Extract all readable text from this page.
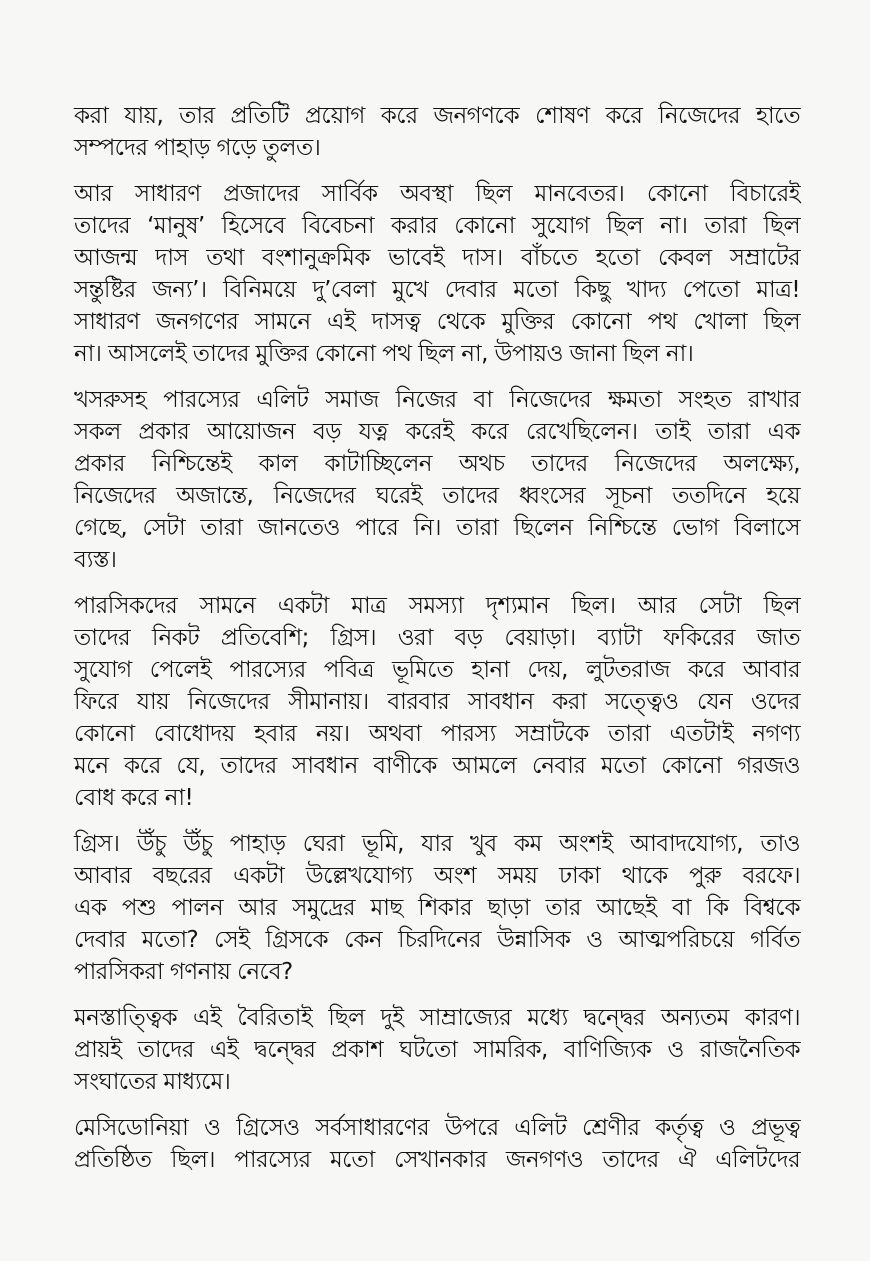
করা যায়, তার প্রতিটি প্রয়োগ করে জনগণকে শোষণ করে নিজেদের হাতে
সম্পদের পাহাড় গড়ে তুলত।
আর সাধারণ প্রজাদের সার্বিক অবস্থা ছিল মানবেতর। কোনো বিচারেই
তাদের ‘মানুষ’ হিসেবে বিবেচনা করার কোনো সুযোগ ছিল না। তারা ছিল
আজন্ম দাস তথা বংশানুক্রমিক ভাবেই দাস। বাঁচতে হতো কেবল সম্রাটের
সন্তুষ্টির জন্য’। বিনিময়ে দু’বেলা মুখে দেবার মতো কিছু খাদ্য পেতো মাত্র!
সাধারণ জনগণের সামনে এই দাসত্ব থেকে মুক্তির কোনো পথ খোলা ছিল
না। আসলেই তাদের মুক্তির কোনো পথ ছিল না, উপায়ও জানা ছিল না।
খসরুসহ পারস্যের এলিট সমাজ নিজের বা নিজেদের ক্ষমতা সংহত রাখার
সকল প্রকার আয়োজন বড় যত্ন করেই করে রেখেছিলেন। তাই তারা এক
প্রকার নিশ্চিন্তেই কাল কাটাচ্ছিলেন অথচ তাদের নিজেদের অলক্ষ্যে,
নিজেদের অজান্তে, নিজেদের ঘরেই তাদের ধ্বংসের সূচনা ততদিনে হয়ে
গেছে, সেটা তারা জানতেও পারে নি। তারা ছিলেন নিশ্চিন্তে ভোগ বিলাসে
ব্যস্ত।
পারসিকদের সামনে একটা মাত্র সমস্যা দৃশ্যমান ছিল। আর সেটা ছিল
তাদের নিকট প্রতিবেশি; গ্রিস। ওরা বড় বেয়াড়া। ব্যাটা ফকিরের জাত
সুযোগ পেলেই পারস্যের পবিত্র ভূমিতে হানা দেয়, লুটতরাজ করে আবার
ফিরে যায় নিজেদের সীমানায়। বারবার সাবধান করা সত্ত্বেও যেন ওদের
কোনো বোধোদয় হবার নয়। অথবা পারস্য সম্রাটকে তারা এতটাই নগণ্য
মনে করে যে, তাদের সাবধান বাণীকে আমলে নেবার মতো কোনো গরজও
বোধ করে না!
গ্রিস। উঁচু উঁচু পাহাড় ঘেরা ভূমি, যার খুব কম অংশই আবাদযোগ্য, তাও
আবার বছরের একটা উল্লেখযোগ্য অংশ সময় ঢাকা থাকে পুরু বরফে।
এক পশু পালন আর সমুদ্রের মাছ শিকার ছাড়া তার আছেই বা কি বিশ্বকে
দেবার মতো? সেই গ্রিসকে কেন চিরদিনের উন্নাসিক ও আত্মপরিচয়ে গর্বিত
পারসিকরা গণনায় নেবে?
মনস্তাত্ত্বিক এই বৈরিতাই ছিল দুই সাম্রাজ্যের মধ্যে দ্বন্দ্বের অন্যতম কারণ।
প্রায়ই তাদের এই দ্বন্দ্বের প্রকাশ ঘটতো সামরিক, বাণিজ্যিক ও রাজনৈতিক
সংঘাতের মাধ্যমে।
মেসিডোনিয়া ও গ্রিসেও সর্বসাধারণের উপরে এলিট শ্রেণীর কর্তৃত্ব ও প্রভূত্ব
প্রতিষ্ঠিত ছিল। পারস্যের মতো সেখানকার জনগণও তাদের ঐ এলিটদের
